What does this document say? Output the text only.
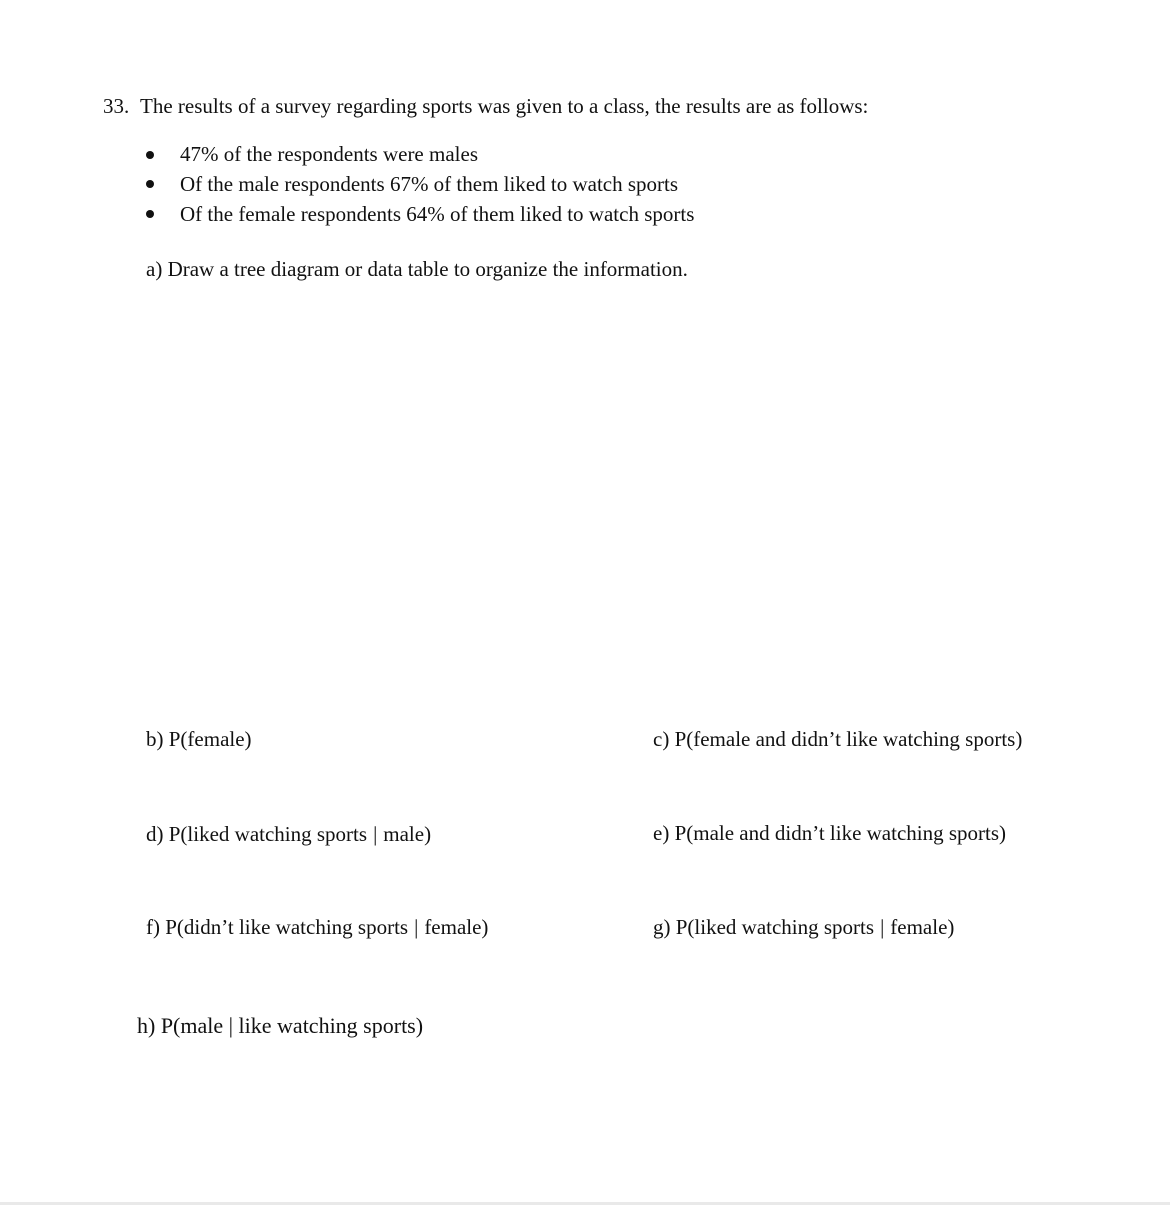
33. The results of a survey regarding sports was given to a class, the results are as follows:
47% of the respondents were males
Of the male respondents 67% of them liked to watch sports
Of the female respondents 64% of them liked to watch sports
a) Draw a tree diagram or data table to organize the information.
b) P(female)	c) P(female and didn’t like watching sports)
d) P(liked watching sports | male)	e) P(male and didn’t like watching sports)
f) P(didn’t like watching sports | female)	g) P(liked watching sports | female)
h) P(male | like watching sports)
